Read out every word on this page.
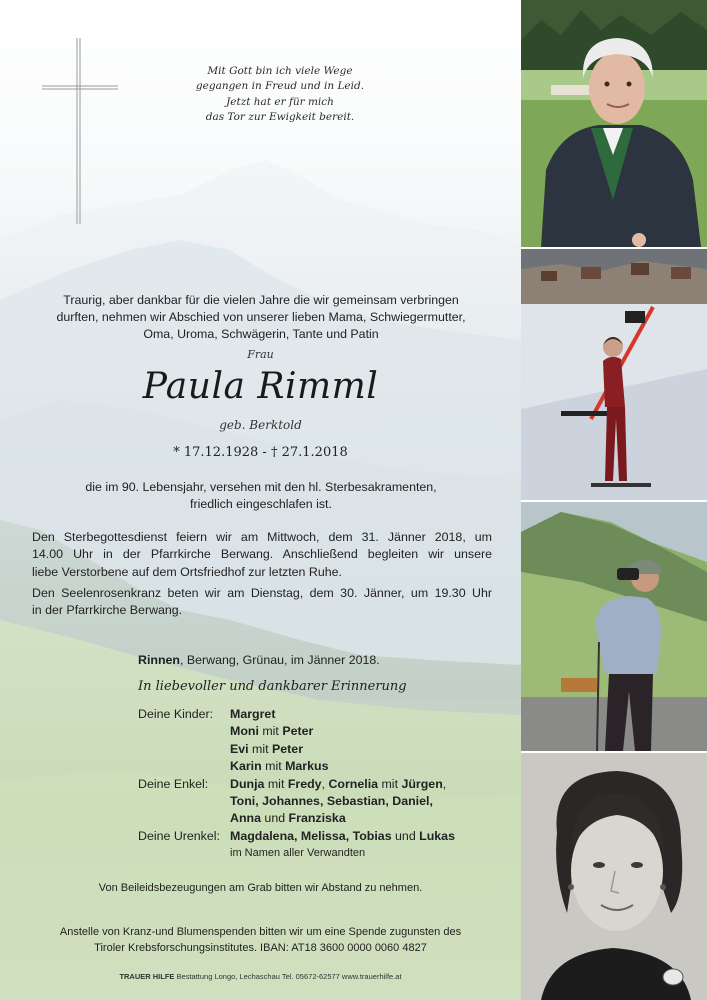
Mit Gott bin ich viele Wege
gegangen in Freud und in Leid.
Jetzt hat er für mich
das Tor zur Ewigkeit bereit.
Traurig, aber dankbar für die vielen Jahre die wir gemeinsam verbringen
durften, nehmen wir Abschied von unserer lieben Mama, Schwiegermutter,
Oma, Uroma, Schwägerin, Tante und Patin
Frau
Paula Rimml
geb. Berktold
* 17.12.1928 - † 27.1.2018
die im 90. Lebensjahr, versehen mit den hl. Sterbesakramenten,
friedlich eingeschlafen ist.
Den Sterbegottesdienst feiern wir am Mittwoch, dem 31. Jänner 2018, um
14.00 Uhr in der Pfarrkirche Berwang. Anschließend begleiten wir unsere
liebe Verstorbene auf dem Ortsfriedhof zur letzten Ruhe.
Den Seelenrosenkranz beten wir am Dienstag, dem 30. Jänner, um 19.30 Uhr
in der Pfarrkirche Berwang.
Rinnen, Berwang, Grünau, im Jänner 2018.
In liebevoller und dankbarer Erinnerung
Deine Kinder: Margret
Moni mit Peter
Evi mit Peter
Karin mit Markus
Deine Enkel: Dunja mit Fredy, Cornelia mit Jürgen,
Toni, Johannes, Sebastian, Daniel,
Anna und Franziska
Deine Urenkel: Magdalena, Melissa, Tobias und Lukas
im Namen aller Verwandten
Von Beileidsbezeugungen am Grab bitten wir Abstand zu nehmen.
Anstelle von Kranz-und Blumenspenden bitten wir um eine Spende zugunsten des
Tiroler Krebsforschungsinstitutes. IBAN: AT18 3600 0000 0060 4827
TRAUER HILFE Bestattung Longo, Lechaschau Tel. 05672-62577 www.trauerhilfe.at
